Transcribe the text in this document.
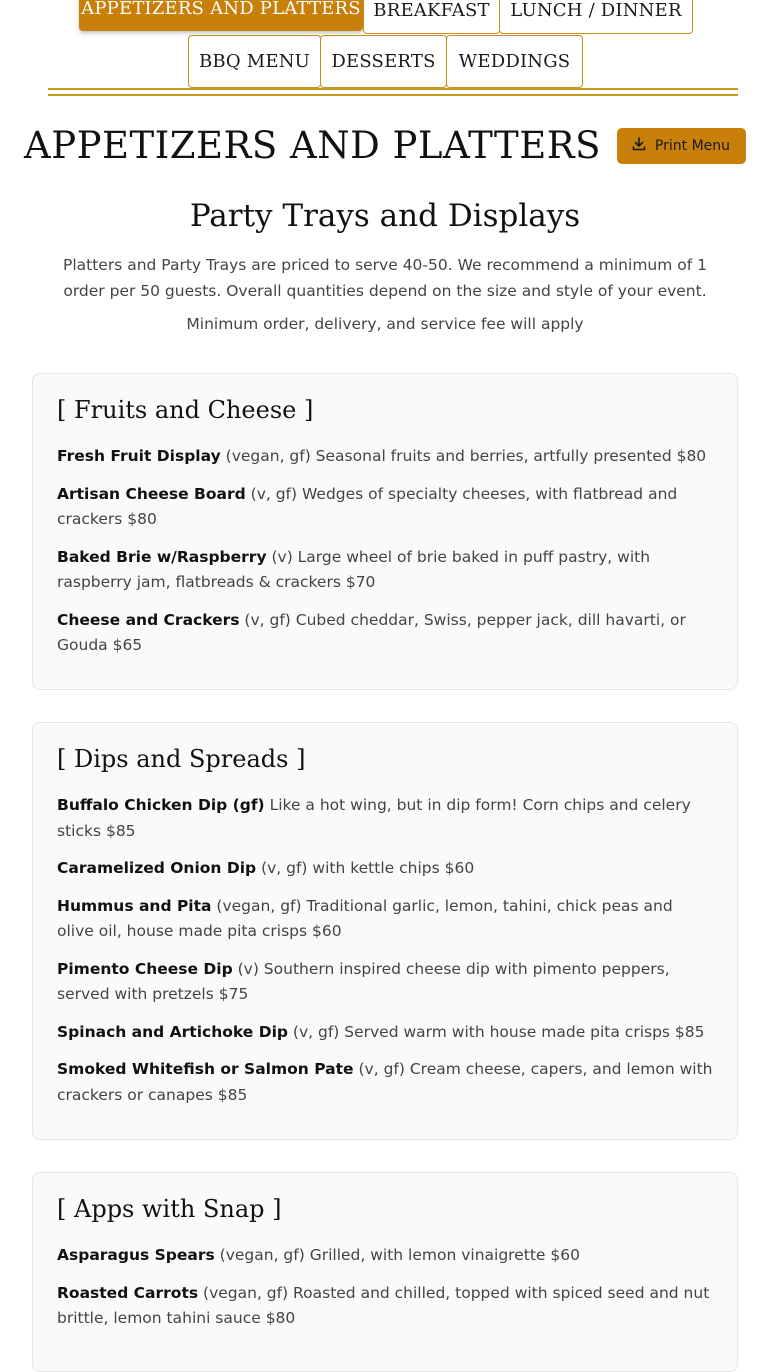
APPETIZERS AND PLATTERS BREAKFAST	LUNCH / DINNER
BBQ MENU	DESSERTS	WEDDINGS
APPETIZERS AND PLATTERS	Print Menu
Party Trays and Displays

Platters and Party Trays are priced to serve 40-50. We recommend a minimum of 1 order per 50 guests. Overall quantities depend on the size and style of your event.

Minimum order, delivery, and service fee will apply

[ Fruits and Cheese ]

Fresh Fruit Display (vegan, gf) Seasonal fruits and berries, artfully presented $80

Artisan Cheese Board (v, gf) Wedges of specialty cheeses, with flatbread and crackers $80

Baked Brie w/Raspberry (v) Large wheel of brie baked in puff pastry, with raspberry jam, flatbreads & crackers $70

Cheese and Crackers (v, gf) Cubed cheddar, Swiss, pepper jack, dill havarti, or Gouda $65

[ Dips and Spreads ]

Buffalo Chicken Dip (gf) Like a hot wing, but in dip form! Corn chips and celery sticks $85

Caramelized Onion Dip (v, gf) with kettle chips $60

Hummus and Pita (vegan, gf) Traditional garlic, lemon, tahini, chick peas and olive oil, house made pita crisps $60

Pimento Cheese Dip (v) Southern inspired cheese dip with pimento peppers, served with pretzels $75

Spinach and Artichoke Dip (v, gf) Served warm with house made pita crisps $85

Smoked Whitefish or Salmon Pate (v, gf) Cream cheese, capers, and lemon with crackers or canapes $85

[ Apps with Snap ]

Asparagus Spears (vegan, gf) Grilled, with lemon vinaigrette $60

Roasted Carrots (vegan, gf) Roasted and chilled, topped with spiced seed and nut brittle, lemon tahini sauce $80
